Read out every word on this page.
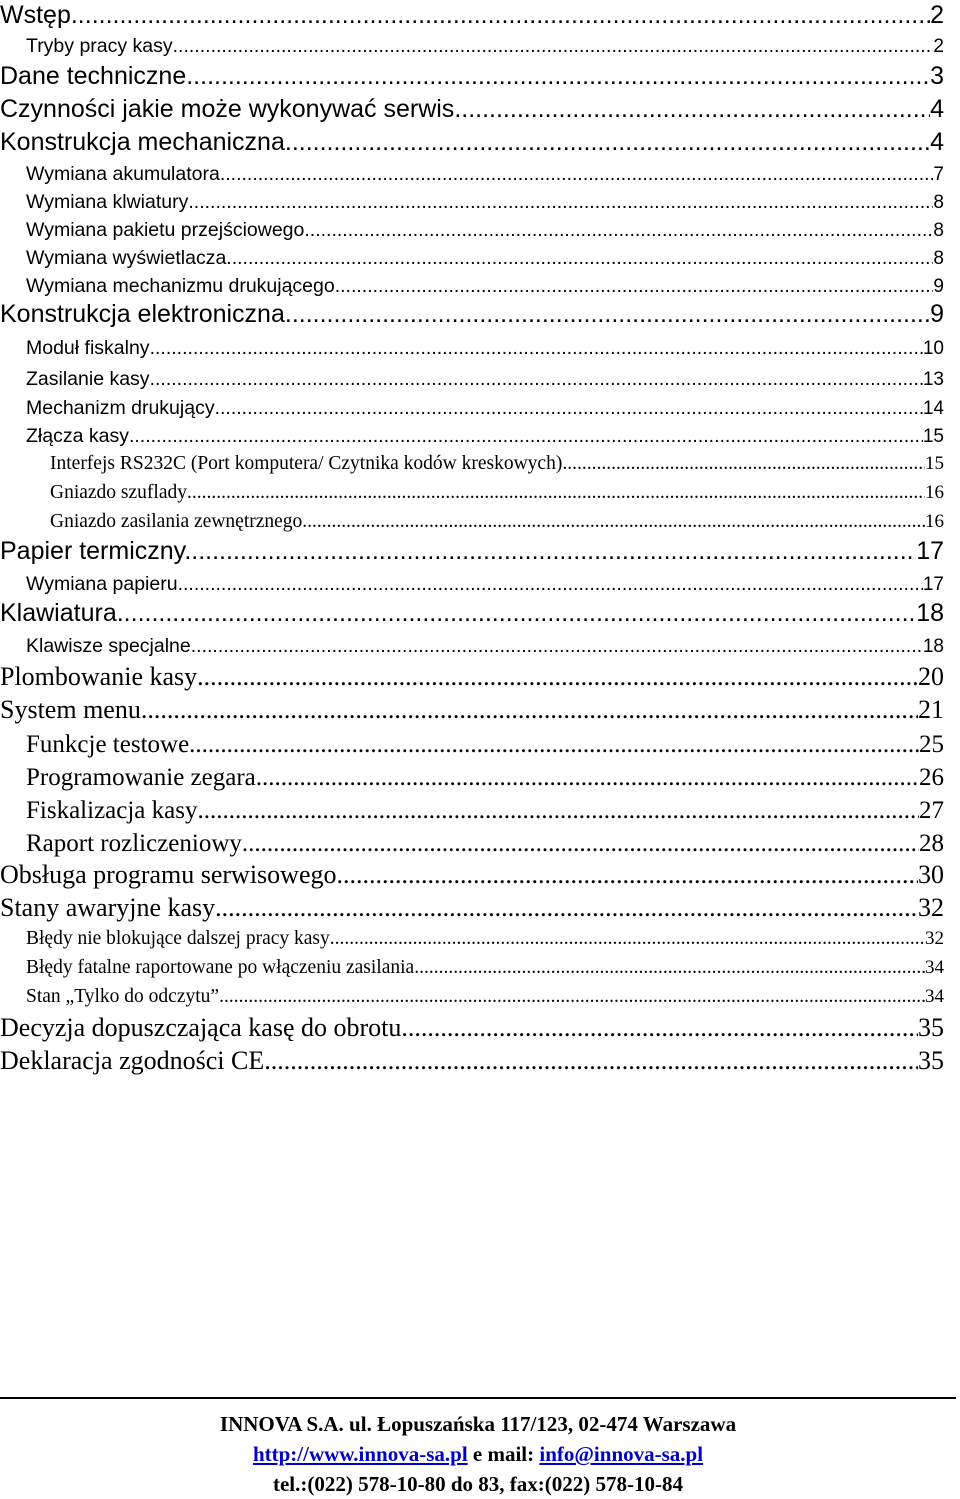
Wstęp .....	2
Tryby pracy kasy .....	2
Dane techniczne .....	3
Czynności jakie może wykonywać serwis .....	4
Konstrukcja mechaniczna. .....	4
Wymiana akumulatora. .....	7
Wymiana klwiatury .....	8
Wymiana pakietu przejściowego. .....	8
Wymiana wyświetlacza .....	8
Wymiana mechanizmu drukującego .....	9
Konstrukcja elektroniczna. .....	9
Moduł fiskalny .....	10
Zasilanie kasy .....	13
Mechanizm drukujący .....	14
Złącza kasy .....	15
Interfejs RS232C (Port komputera/ Czytnika kodów kreskowych) .....	15
Gniazdo szuflady .....	16
Gniazdo zasilania zewnętrznego .....	16
Papier termiczny. .....	17
Wymiana papieru .....	17
Klawiatura .....	18
Klawisze specjalne .....	18
Plombowanie kasy .....	20
System menu .....	21
Funkcje testowe .....	25
Programowanie zegara .....	26
Fiskalizacja kasy .....	27
Raport rozliczeniowy .....	28
Obsługa programu serwisowego .....	30
Stany awaryjne kasy .....	32
Błędy nie blokujące dalszej pracy kasy .....	32
Błędy fatalne raportowane po włączeniu zasilania .....	34
Stan „Tylko do odczytu” .....	34
Decyzja dopuszczająca kasę do obrotu .....	35
Deklaracja zgodności CE .....	35
INNOVA S.A. ul. Łopuszańska 117/123, 02-474 Warszawa
http://www.innova-sa.pl e mail: info@innova-sa.pl
tel.:(022) 578-10-80 do 83, fax:(022) 578-10-84
